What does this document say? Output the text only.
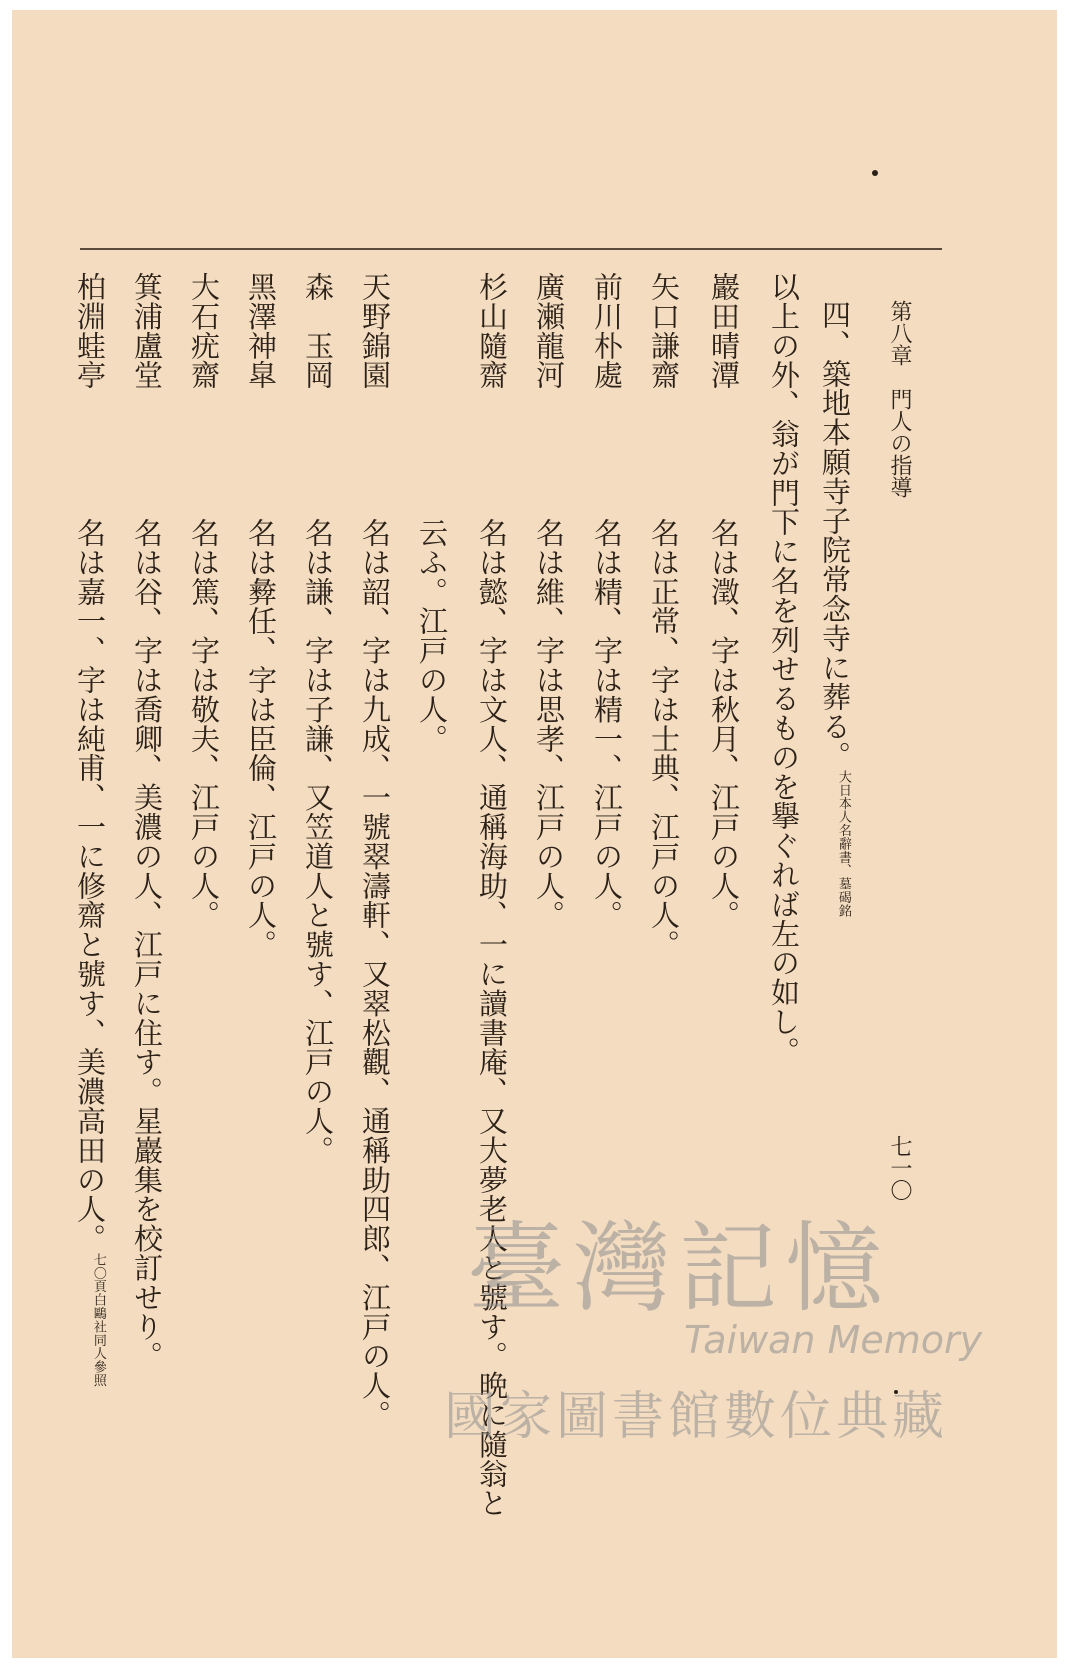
第八章　門人の指導
七一〇
四、築地本願寺子院常念寺に葬る。大日本人名辭書、墓碣銘
以上の外、翁が門下に名を列せるものを擧ぐれば左の如し。
巖田晴潭
名は澂、字は秋月、江戸の人。
矢口謙齋
名は正常、字は士典、江戸の人。
前川朴處
名は精、字は精一、江戸の人。
廣瀬龍河
名は維、字は思孝、江戸の人。
杉山隨齋
名は懿、字は文人、通稱海助、一に讀書庵、又大夢老人と號す。晩に隨翁と
云ふ。江戸の人。
天野錦園
名は韶、字は九成、一號翠濤軒、又翠松觀、通稱助四郎、江戸の人。
森　玉岡
名は謙、字は子謙、又笠道人と號す、江戸の人。
黑澤神皐
名は彜任、字は臣倫、江戸の人。
大石疣齋
名は篤、字は敬夫、江戸の人。
箕浦盧堂
名は谷、字は喬卿、美濃の人、江戸に住す。星巖集を校訂せり。
柏淵蛙亭
名は嘉一、字は純甫、一に修齋と號す、美濃高田の人。七〇頁白鷗社同人參照	臺灣記憶
Taiwan Memory
國家圖書館數位典藏
